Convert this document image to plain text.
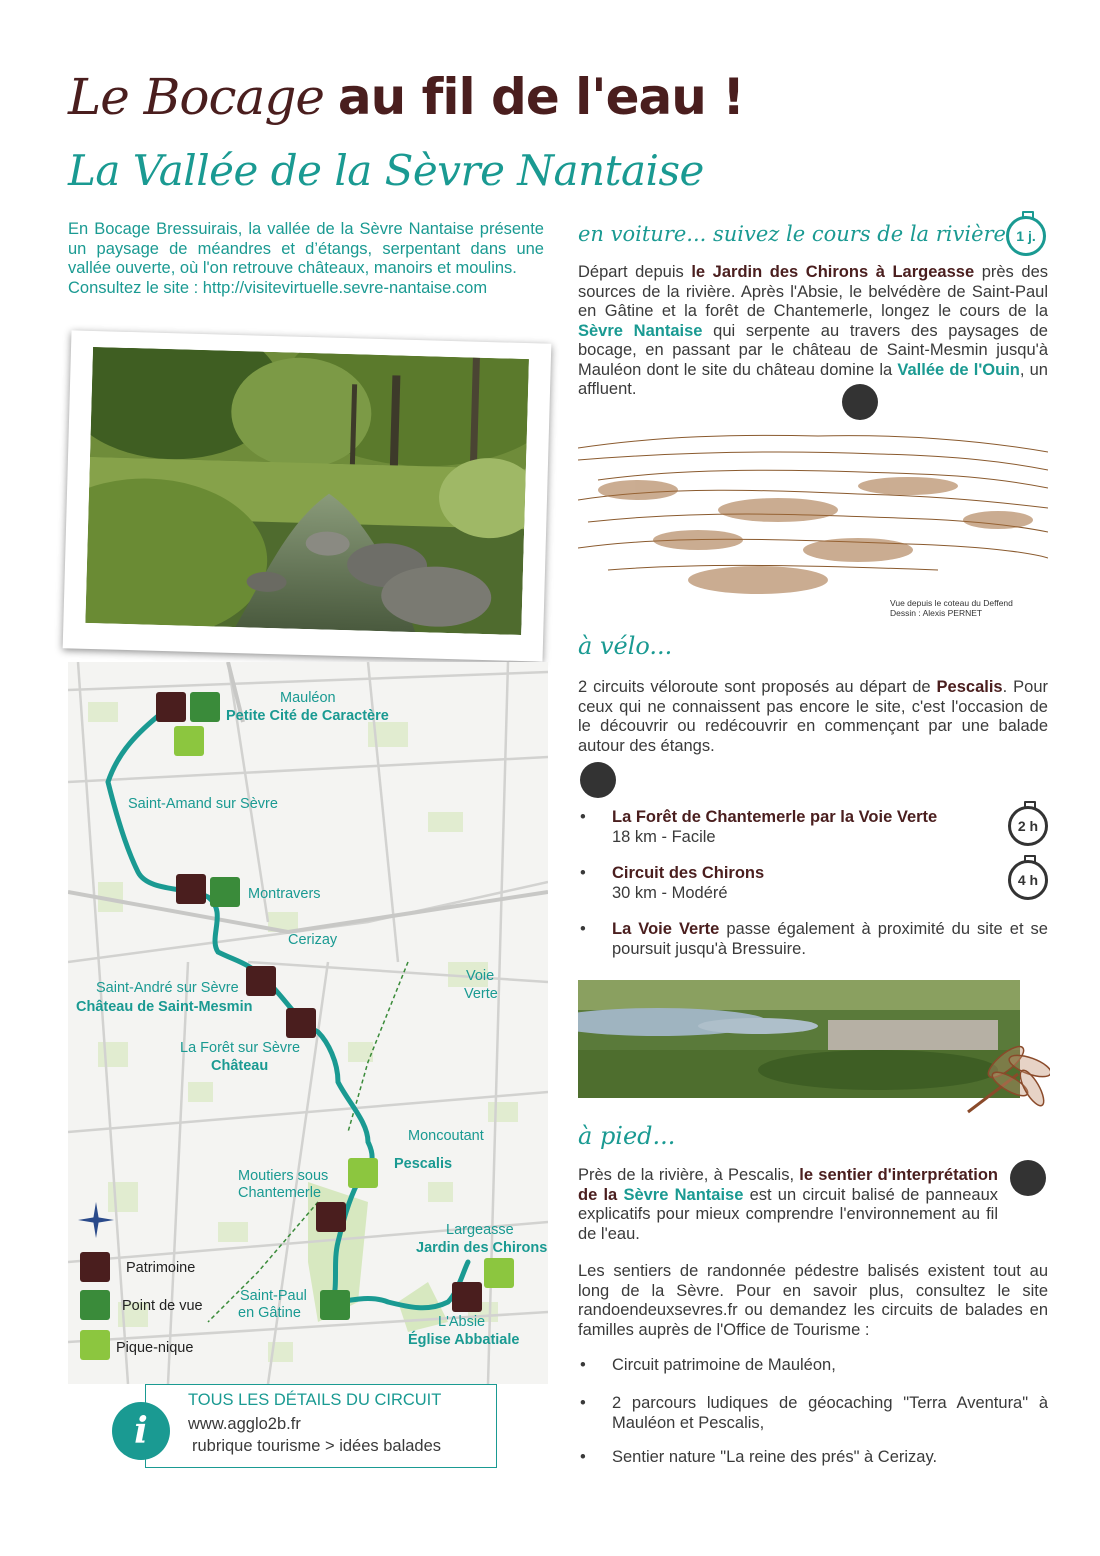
Le Bocage au fil de l'eau !
La Vallée de la Sèvre Nantaise

En Bocage Bressuirais, la vallée de la Sèvre Nantaise présente un paysage de méandres et d’étangs, serpentant dans une vallée ouverte, où l'on retrouve châteaux, manoirs et moulins.

Consultez le site : http://visitevirtuelle.sevre-nantaise.com

Mauléon
Petite Cité de Caractère
Saint-Amand sur Sèvre
Montravers
Cerizay
Voie
Verte
Saint-André sur Sèvre
Château de Saint-Mesmin
La Forêt sur Sèvre
Château
Moncoutant
Pescalis
Moutiers sous
Chantemerle
Largeasse
Jardin des Chirons
Saint-Paul
en Gâtine
L'Absie
Église Abbatiale
Patrimoine
Point de vue
Pique-nique
TOUS LES DÉTAILS DU CIRCUIT
www.agglo2b.fr
rubrique tourisme > idées balades
i
en voiture... suivez le cours de la rivière 1 j.

Départ depuis le Jardin des Chirons à Largeasse près des sources de la rivière. Après l'Absie, le belvédère de Saint-Paul en Gâtine et la forêt de Chantemerle, longez le cours de la Sèvre Nantaise qui serpente au travers des paysages de bocage, en passant par le château de Saint-Mesmin jusqu'à Mauléon dont le site du château domine la Vallée de l'Ouin, un affluent.

Vue depuis le coteau du Deffend
Dessin : Alexis PERNET
à vélo...

2 circuits véloroute sont proposés au départ de Pescalis. Pour ceux qui ne connaissent pas encore le site, c'est l'occasion de le découvrir ou redécouvrir en commençant par une balade autour des étangs.

• La Forêt de Chantemerle par la Voie Verte
18 km - Facile
2 h
• Circuit des Chirons
30 km - Modéré
4 h
• La Voie Verte passe également à proximité du site et se poursuit jusqu'à Bressuire.
à pied...

Près de la rivière, à Pescalis, le sentier d'interprétation de la Sèvre Nantaise est un circuit balisé de panneaux explicatifs pour mieux comprendre l'environnement au fil de l'eau.

Les sentiers de randonnée pédestre balisés existent tout au long de la Sèvre. Pour en savoir plus, consultez le site randoendeuxsevres.fr ou demandez les circuits de balades en familles auprès de l'Office de Tourisme :

• Circuit patrimoine de Mauléon,
• 2 parcours ludiques de géocaching "Terra Aventura" à Mauléon et Pescalis,
• Sentier nature "La reine des prés" à Cerizay.
